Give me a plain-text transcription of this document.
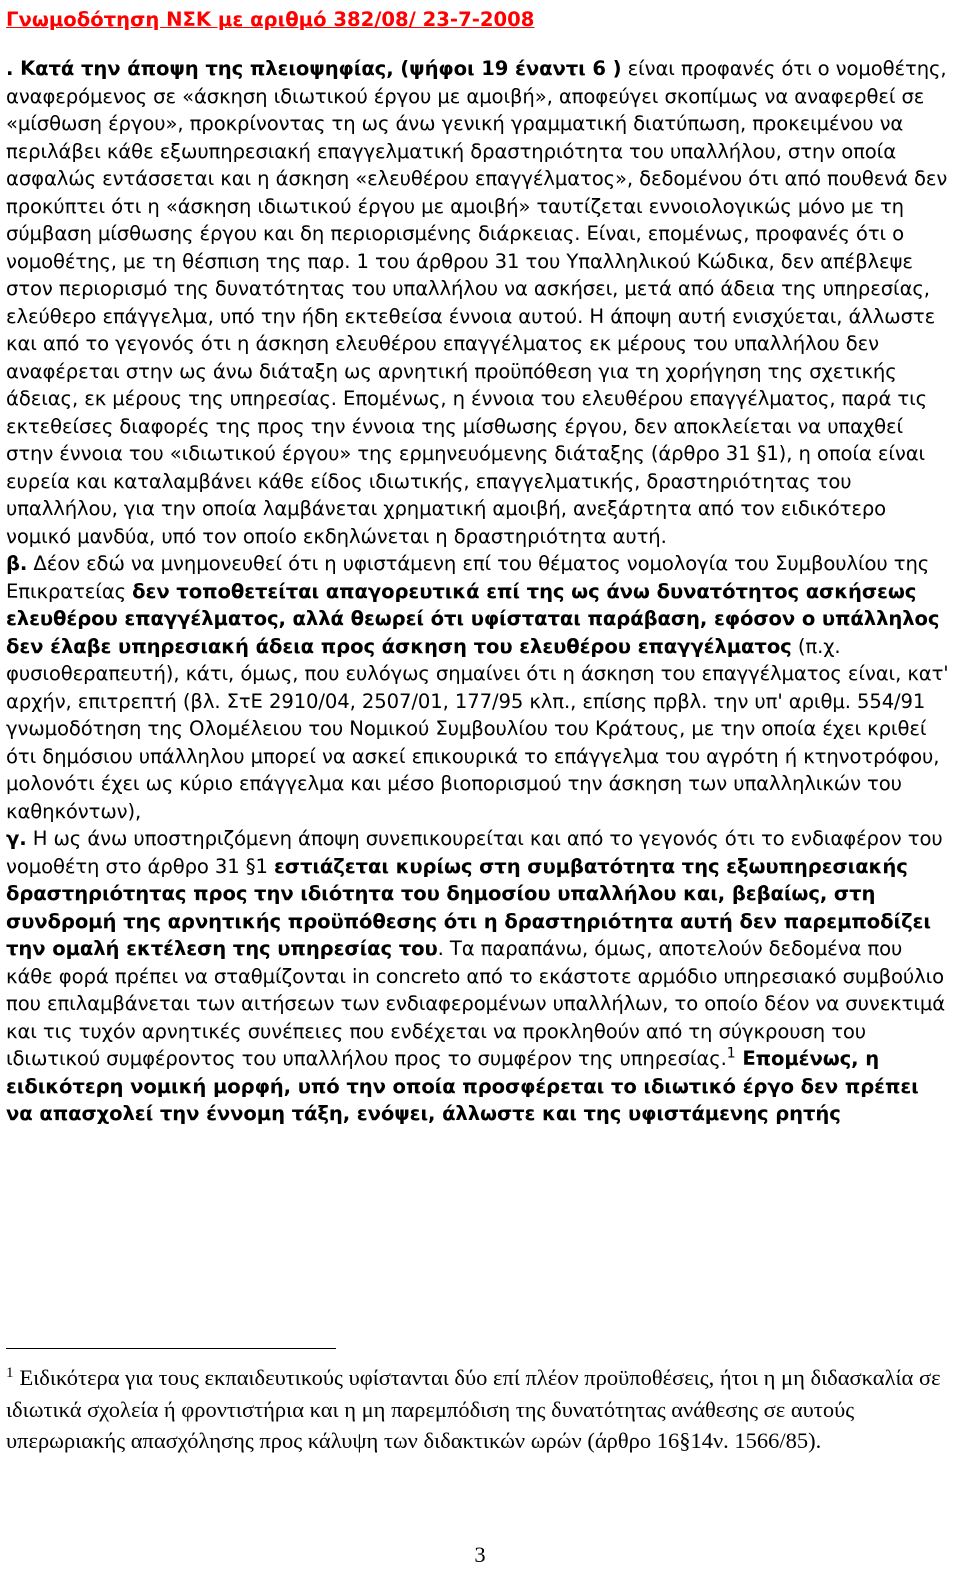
Γνωμοδότηση ΝΣΚ με αριθμό 382/08/ 23-7-2008

. Κατά την άποψη της πλειοψηφίας, (ψήφοι 19 έναντι 6 ) είναι προφανές ότι ο νομοθέτης, αναφερόμενος σε «άσκηση ιδιωτικού έργου με αμοιβή», αποφεύγει σκοπίμως να αναφερθεί σε «μίσθωση έργου», προκρίνοντας τη ως άνω γενική γραμματική διατύπωση, προκειμένου να περιλάβει κάθε εξωυπηρεσιακή επαγγελματική δραστηριότητα του υπαλλήλου, στην οποία ασφαλώς εντάσσεται και η άσκηση «ελευθέρου επαγγέλματος», δεδομένου ότι από πουθενά δεν προκύπτει ότι η «άσκηση ιδιωτικού έργου με αμοιβή» ταυτίζεται εννοιολογικώς μόνο με τη σύμβαση μίσθωσης έργου και δη περιορισμένης διάρκειας. Είναι, επομένως, προφανές ότι ο νομοθέτης, με τη θέσπιση της παρ. 1 του άρθρου 31 του Υπαλληλικού Κώδικα, δεν απέβλεψε στον περιορισμό της δυνατότητας του υπαλλήλου να ασκήσει, μετά από άδεια της υπηρεσίας, ελεύθερο επάγγελμα, υπό την ήδη εκτεθείσα έννοια αυτού. Η άποψη αυτή ενισχύεται, άλλωστε και από το γεγονός ότι η άσκηση ελευθέρου επαγγέλματος εκ μέρους του υπαλλήλου δεν αναφέρεται στην ως άνω διάταξη ως αρνητική προϋπόθεση για τη χορήγηση της σχετικής άδειας, εκ μέρους της υπηρεσίας. Επομένως, η έννοια του ελευθέρου επαγγέλματος, παρά τις εκτεθείσες διαφορές της προς την έννοια της μίσθωσης έργου, δεν αποκλείεται να υπαχθεί στην έννοια του «ιδιωτικού έργου» της ερμηνευόμενης διάταξης (άρθρο 31 §1), η οποία είναι ευρεία και καταλαμβάνει κάθε είδος ιδιωτικής, επαγγελματικής, δραστηριότητας του υπαλλήλου, για την οποία λαμβάνεται χρηματική αμοιβή, ανεξάρτητα από τον ειδικότερο νομικό μανδύα, υπό τον οποίο εκδηλώνεται η δραστηριότητα αυτή.

β. Δέον εδώ να μνημονευθεί ότι η υφιστάμενη επί του θέματος νομολογία του Συμβουλίου της Επικρατείας δεν τοποθετείται απαγορευτικά επί της ως άνω δυνατότητος ασκήσεως ελευθέρου επαγγέλματος, αλλά θεωρεί ότι υφίσταται παράβαση, εφόσον ο υπάλληλος δεν έλαβε υπηρεσιακή άδεια προς άσκηση του ελευθέρου επαγγέλματος (π.χ. φυσιοθεραπευτή), κάτι, όμως, που ευλόγως σημαίνει ότι η άσκηση του επαγγέλματος είναι, κατ' αρχήν, επιτρεπτή (βλ. ΣτΕ 2910/04, 2507/01, 177/95 κλπ., επίσης πρβλ. την υπ' αριθμ. 554/91 γνωμοδότηση της Ολομέλειου του Νομικού Συμβουλίου του Κράτους, με την οποία έχει κριθεί ότι δημόσιου υπάλληλου μπορεί να ασκεί επικουρικά το επάγγελμα του αγρότη ή κτηνοτρόφου, μολονότι έχει ως κύριο επάγγελμα και μέσο βιοπορισμού την άσκηση των υπαλληλικών του καθηκόντων),

γ. Η ως άνω υποστηριζόμενη άποψη συνεπικουρείται και από το γεγονός ότι το ενδιαφέρον του νομοθέτη στο άρθρο 31 §1 εστιάζεται κυρίως στη συμβατότητα της εξωυπηρεσιακής δραστηριότητας προς την ιδιότητα του δημοσίου υπαλλήλου και, βεβαίως, στη συνδρομή της αρνητικής προϋπόθεσης ότι η δραστηριότητα αυτή δεν παρεμποδίζει την ομαλή εκτέλεση της υπηρεσίας του. Τα παραπάνω, όμως, αποτελούν δεδομένα που κάθε φορά πρέπει να σταθμίζονται in concreto από το εκάστοτε αρμόδιο υπηρεσιακό συμβούλιο που επιλαμβάνεται των αιτήσεων των ενδιαφερομένων υπαλλήλων, το οποίο δέον να συνεκτιμά και τις τυχόν αρνητικές συνέπειες που ενδέχεται να προκληθούν από τη σύγκρουση του ιδιωτικού συμφέροντος του υπαλλήλου προς το συμφέρον της υπηρεσίας.$^1$ Επομένως, η ειδικότερη νομική μορφή, υπό την οποία προσφέρεται το ιδιωτικό έργο δεν πρέπει να απασχολεί την έννομη τάξη, ενόψει, άλλωστε και της υφιστάμενης ρητής

$^1$ Ειδικότερα για τους εκπαιδευτικούς υφίστανται δύο επί πλέον προϋποθέσεις, ήτοι η μη διδασκαλία σε ιδιωτικά σχολεία ή φροντιστήρια και η μη παρεμπόδιση της δυνατότητας ανάθεσης σε αυτούς υπερωριακής απασχόλησης προς κάλυψη των διδακτικών ωρών (άρθρο 16§14ν. 1566/85).

3
